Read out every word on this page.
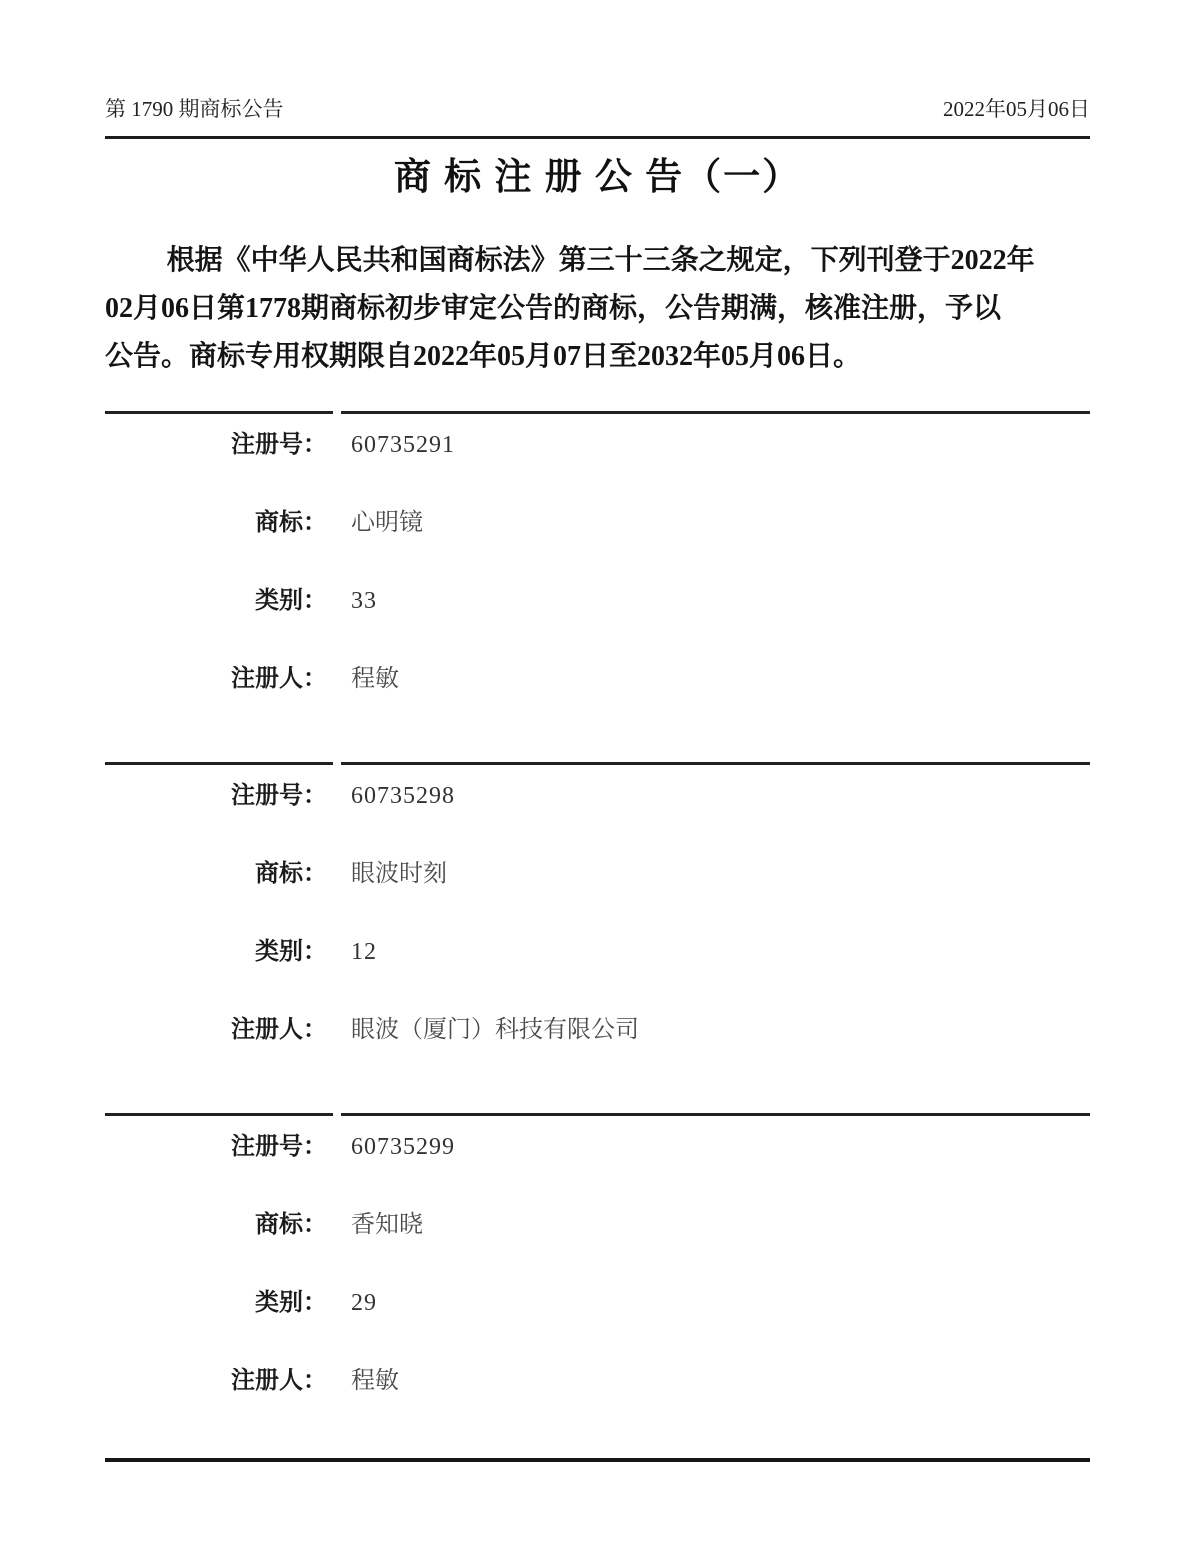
第 1790 期商标公告	2022年05月06日
商 标 注 册 公 告（一）
根据《中华人民共和国商标法》第三十三条之规定，下列刊登于2022年
02月06日第1778期商标初步审定公告的商标，公告期满，核准注册，予以
公告。商标专用权期限自2022年05月07日至2032年05月06日。
注册号： 60735291
商标： 心明镜
类别： 33
注册人： 程敏
注册号： 60735298
商标： 眼波时刻
类别： 12
注册人： 眼波（厦门）科技有限公司
注册号： 60735299
商标： 香知晓
类别： 29
注册人： 程敏
